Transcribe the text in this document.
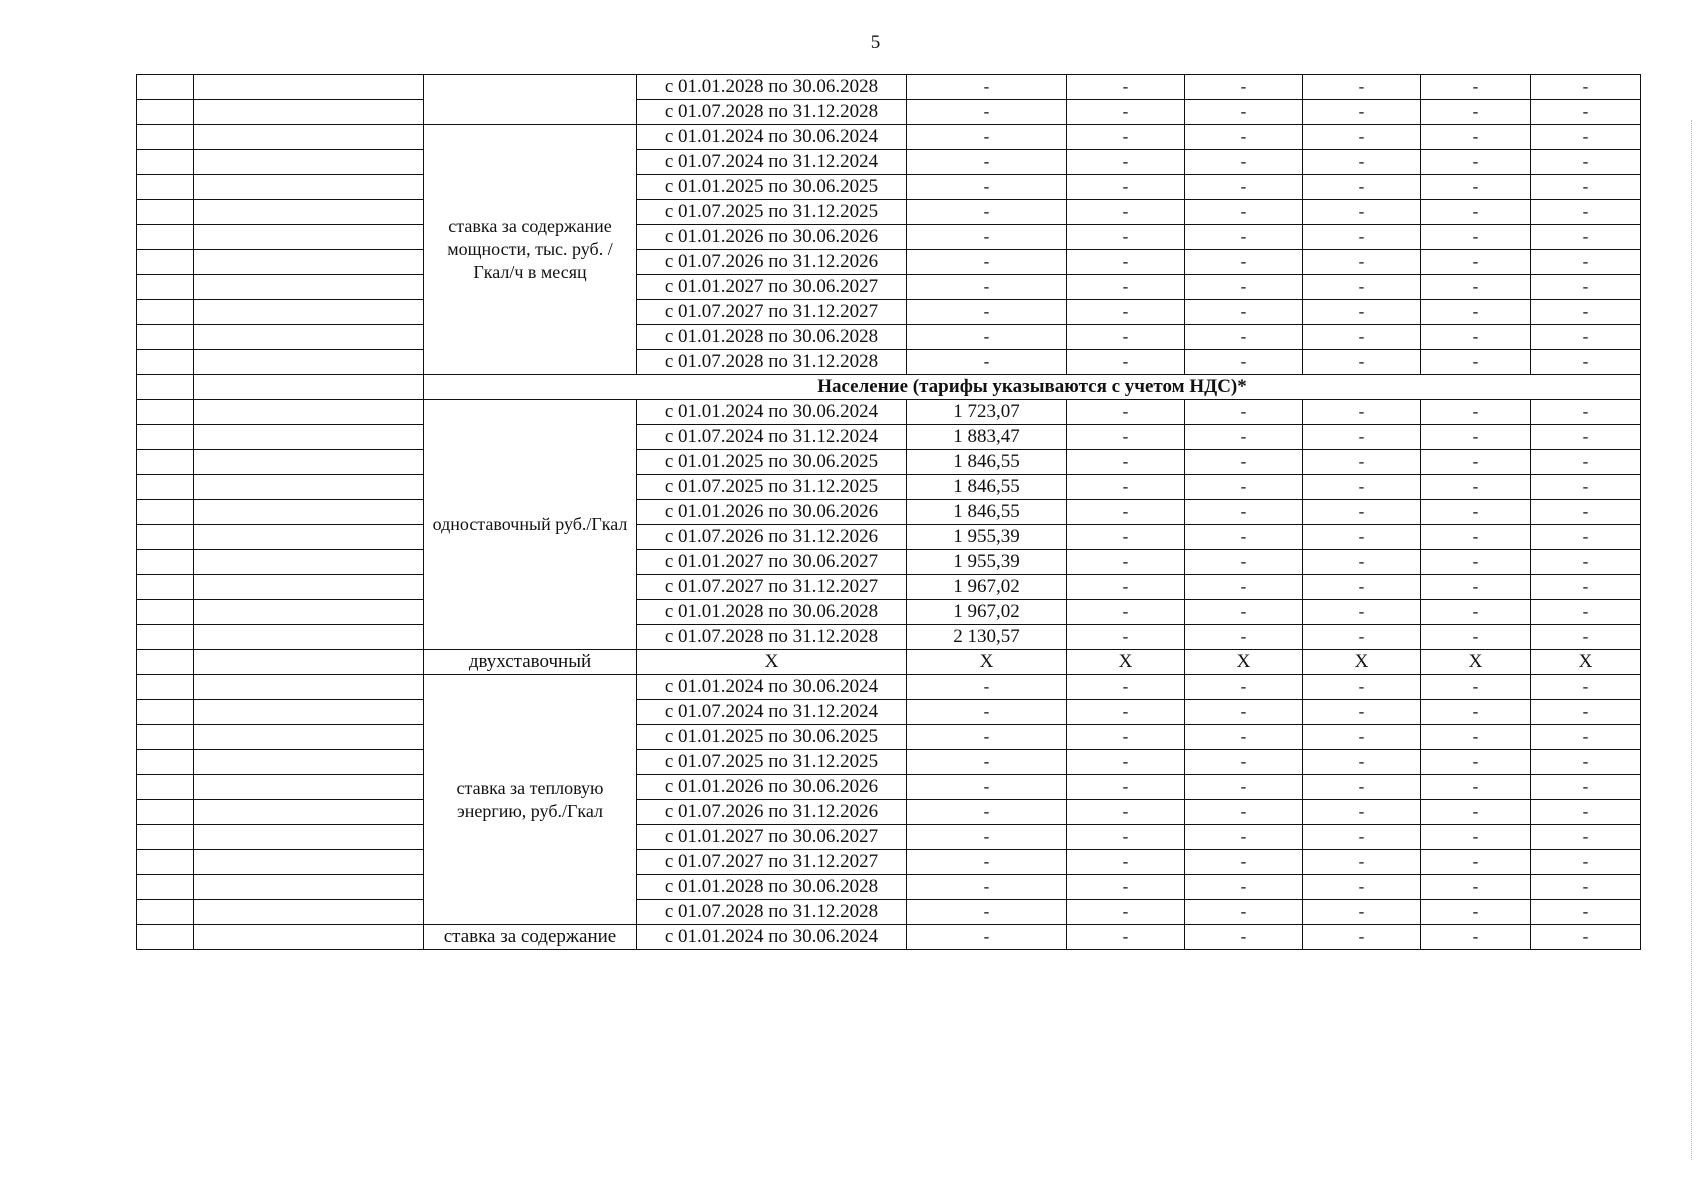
5
			с 01.01.2028 по 30.06.2028	-	-	-	-	-	-
			с 01.07.2028 по 31.12.2028	-	-	-	-	-	-
		ставка за содержание мощности, тыс. руб. /Гкал/ч в месяц	с 01.01.2024 по 30.06.2024	-	-	-	-	-	-
			с 01.07.2024 по 31.12.2024	-	-	-	-	-	-
			с 01.01.2025 по 30.06.2025	-	-	-	-	-	-
			с 01.07.2025 по 31.12.2025	-	-	-	-	-	-
			с 01.01.2026 по 30.06.2026	-	-	-	-	-	-
			с 01.07.2026 по 31.12.2026	-	-	-	-	-	-
			с 01.01.2027 по 30.06.2027	-	-	-	-	-	-
			с 01.07.2027 по 31.12.2027	-	-	-	-	-	-
			с 01.01.2028 по 30.06.2028	-	-	-	-	-	-
			с 01.07.2028 по 31.12.2028	-	-	-	-	-	-
		Население (тарифы указываются с учетом НДС)*							
		одноставочный руб./Гкал	с 01.01.2024 по 30.06.2024	1 723,07	-	-	-	-	-
			с 01.07.2024 по 31.12.2024	1 883,47	-	-	-	-	-
			с 01.01.2025 по 30.06.2025	1 846,55	-	-	-	-	-
			с 01.07.2025 по 31.12.2025	1 846,55	-	-	-	-	-
			с 01.01.2026 по 30.06.2026	1 846,55	-	-	-	-	-
			с 01.07.2026 по 31.12.2026	1 955,39	-	-	-	-	-
			с 01.01.2027 по 30.06.2027	1 955,39	-	-	-	-	-
			с 01.07.2027 по 31.12.2027	1 967,02	-	-	-	-	-
			с 01.01.2028 по 30.06.2028	1 967,02	-	-	-	-	-
			с 01.07.2028 по 31.12.2028	2 130,57	-	-	-	-	-
		двухставочный	X	X	X	X	X	X	X
		ставка за тепловую энергию, руб./Гкал	с 01.01.2024 по 30.06.2024	-	-	-	-	-	-
			с 01.07.2024 по 31.12.2024	-	-	-	-	-	-
			с 01.01.2025 по 30.06.2025	-	-	-	-	-	-
			с 01.07.2025 по 31.12.2025	-	-	-	-	-	-
			с 01.01.2026 по 30.06.2026	-	-	-	-	-	-
			с 01.07.2026 по 31.12.2026	-	-	-	-	-	-
			с 01.01.2027 по 30.06.2027	-	-	-	-	-	-
			с 01.07.2027 по 31.12.2027	-	-	-	-	-	-
			с 01.01.2028 по 30.06.2028	-	-	-	-	-	-
			с 01.07.2028 по 31.12.2028	-	-	-	-	-	-
		ставка за содержание	с 01.01.2024 по 30.06.2024	-	-	-	-	-	-
